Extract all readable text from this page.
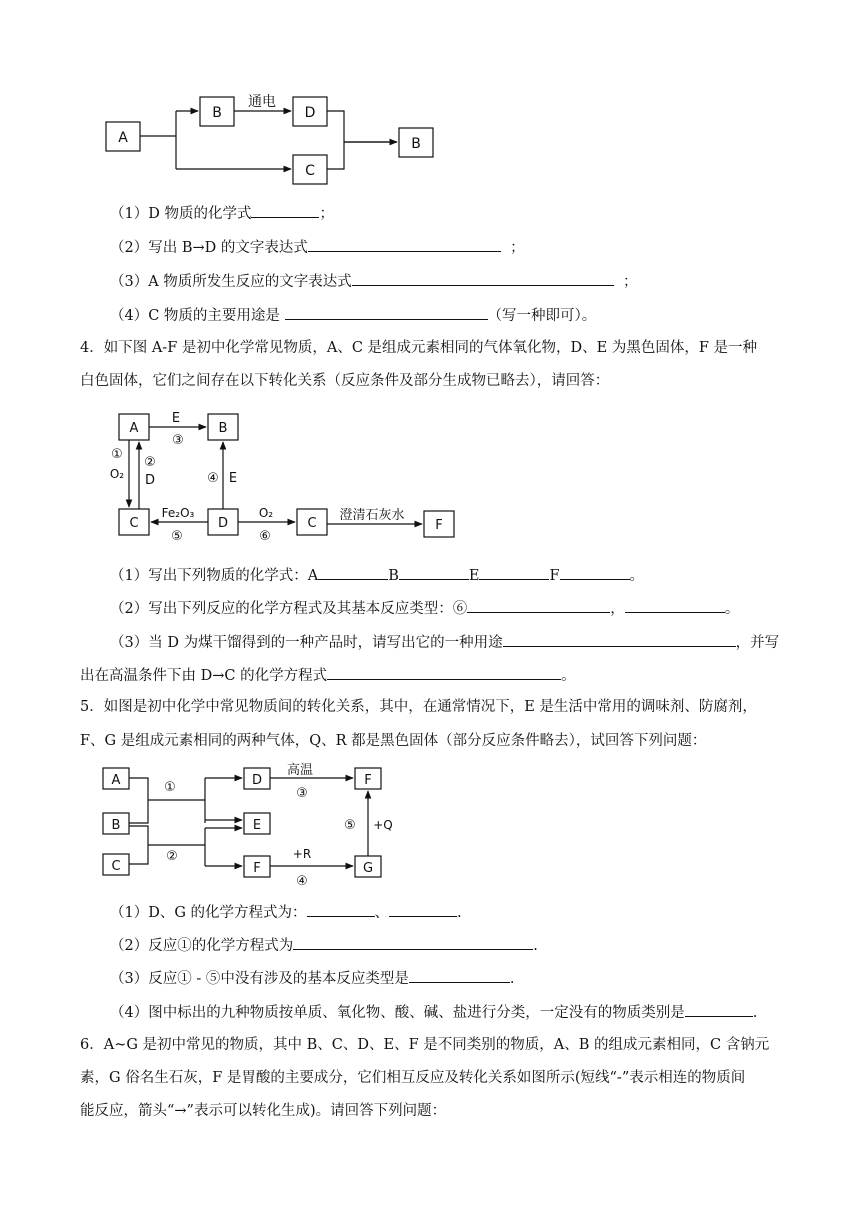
A
B	D
C
B
通电
（1）D 物质的化学式	；
（2）写出 B→D 的文字表达式	；
（3）A 物质所发生反应的文字表达式	；
（4）C 物质的主要用途是	（写一种即可）。
4．如下图 A-F 是初中化学常见物质，A、C 是组成元素相同的气体氧化物，D、E 为黑色固体，F 是一种
白色固体，它们之间存在以下转化关系（反应条件及部分生成物已略去），请回答：
A	B
C	D	C	F
E
③
①
O₂
②
D	④ E
Fe₂O₃
⑤
O₂
⑥
澄清石灰水
（1）写出下列物质的化学式：A	B	E	F	。
（2）写出下列反应的化学方程式及其基本反应类型：⑥	，	。
（3）当 D 为煤干馏得到的一种产品时，请写出它的一种用途	，并写
出在高温条件下由 D→C 的化学方程式	。
5．如图是初中化学中常见物质间的转化关系，其中，在通常情况下，E 是生活中常用的调味剂、防腐剂，
F、G 是组成元素相同的两种气体，Q、R 都是黑色固体（部分反应条件略去），试回答下列问题：
A
B
C
D
E
F
F	G
①
②
高温
③
⑤ +Q
+R
④
（1）D、G 的化学方程式为：	、	.
（2）反应①的化学方程式为	.
（3）反应① - ⑤中没有涉及的基本反应类型是	.
（4）图中标出的九种物质按单质、氧化物、酸、碱、盐进行分类，一定没有的物质类别是	.
6．A~G 是初中常见的物质，其中 B、C、D、E、F 是不同类别的物质，A、B 的组成元素相同，C 含钠元
素，G 俗名生石灰，F 是胃酸的主要成分，它们相互反应及转化关系如图所示(短线“-”表示相连的物质间
能反应，箭头“→”表示可以转化生成)。请回答下列问题：
